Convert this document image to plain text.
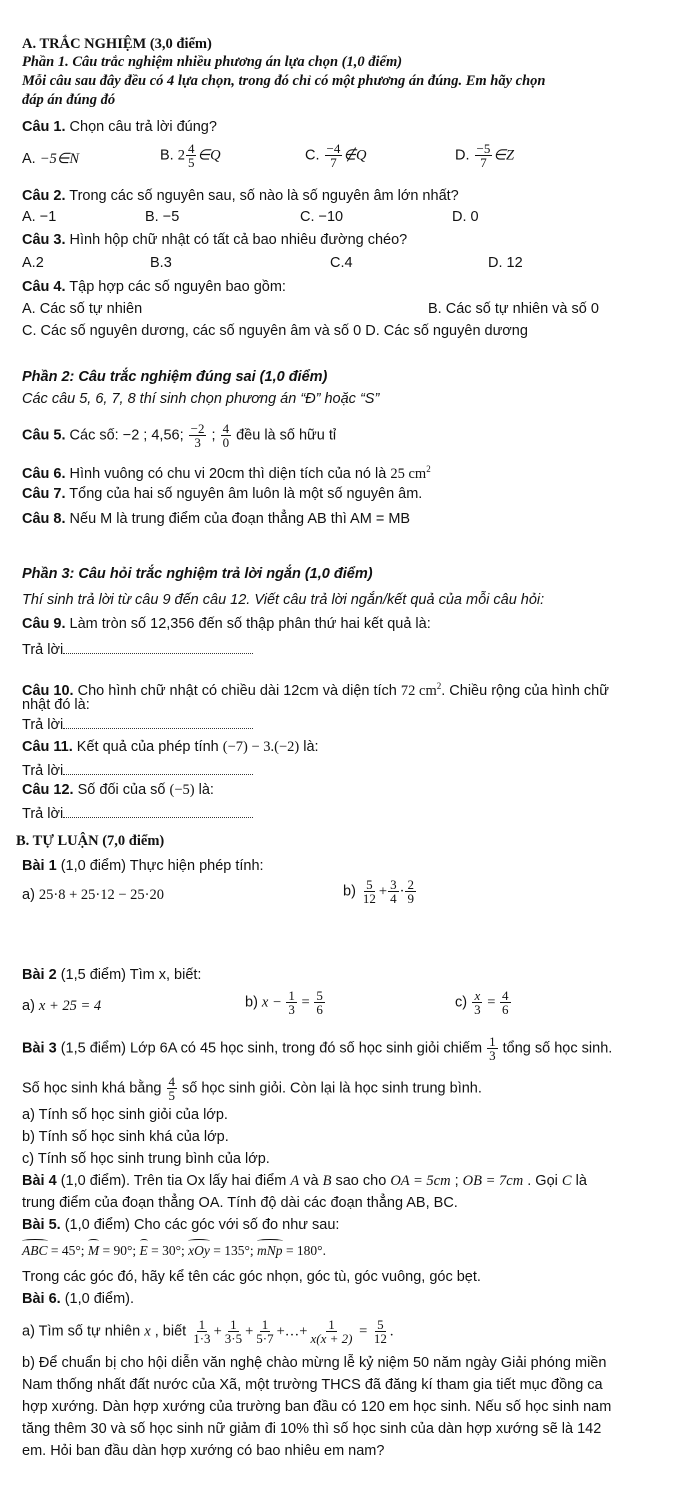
A. TRẮC NGHIỆM (3,0 điểm)
Phần 1. Câu trắc nghiệm nhiều phương án lựa chọn (1,0 điểm)
Mỗi câu sau đây đều có 4 lựa chọn, trong đó chỉ có một phương án đúng. Em hãy chọn
đáp án đúng đó
Câu 1. Chọn câu trả lời đúng?
A. −5∈N	B. $2 \frac{4}{5}$ ∈Q	C. $\frac{-4}{7}$ ∉Q	D. $\frac{-5}{7}$ ∈Z
Câu 2. Trong các số nguyên sau, số nào là số nguyên âm lớn nhất?
A. −1	B. −5	C. −10	D. 0
Câu 3. Hình hộp chữ nhật có tất cả bao nhiêu đường chéo?
A.2	B.3	C.4	D. 12
Câu 4. Tập hợp các số nguyên bao gồm:
A. Các số tự nhiên	B. Các số tự nhiên và số 0
C. Các số nguyên dương, các số nguyên âm và số 0 D. Các số nguyên dương
Phần 2: Câu trắc nghiệm đúng sai (1,0 điểm)
Các câu 5, 6, 7, 8 thí sinh chọn phương án “Đ” hoặc “S”
Câu 5. Các số: −2 ; 4,56; $\frac{-2}{3}$ ; $\frac{4}{0}$ đều là số hữu tỉ
Câu 6. Hình vuông có chu vi 20cm thì diện tích của nó là 25 $cm^2$
Câu 7. Tổng của hai số nguyên âm luôn là một số nguyên âm.
Câu 8. Nếu M là trung điểm của đoạn thẳng AB thì AM = MB
Phần 3: Câu hỏi trắc nghiệm trả lời ngắn (1,0 điểm)
Thí sinh trả lời từ câu 9 đến câu 12. Viết câu trả lời ngắn/kết quả của mỗi câu hỏi:
Câu 9. Làm tròn số 12,356 đến số thập phân thứ hai kết quả là:
Trả lời
Câu 10. Cho hình chữ nhật có chiều dài 12cm và diện tích 72 $cm^2$. Chiều rộng của hình chữ
nhật đó là:
Trả lời
Câu 11. Kết quả của phép tính (−7) − 3.(−2) là:
Trả lời
Câu 12. Số đối của số (−5) là:
Trả lời
B. TỰ LUẬN (7,0 điểm)
Bài 1 (1,0 điểm) Thực hiện phép tính:
a) 25·8 + 25·12 − 25·20	$b) \frac{5}{12} + \frac{3}{4} \cdot \frac{2}{9}$
Bài 2 (1,5 điểm) Tìm x, biết:
a) x + 25 = 4	b) $x - \frac{1}{3} = \frac{5}{6}$	$c) \frac{x}{3} = \frac{4}{6}$
Bài 3 (1,5 điểm) Lớp 6A có 45 học sinh, trong đó số học sinh giỏi chiếm $\frac{1}{3}$ tổng số học sinh.
Số học sinh khá bằng $\frac{4}{5}$ số học sinh giỏi. Còn lại là học sinh trung bình.
a) Tính số học sinh giỏi của lớp.
b) Tính số học sinh khá của lớp.
c) Tính số học sinh trung bình của lớp.
Bài 4 (1,0 điểm). Trên tia Ox lấy hai điểm A và B sao cho OA = 5cm ; OB = 7cm . Gọi C là
trung điểm của đoạn thẳng OA. Tính độ dài các đoạn thẳng AB, BC.
Bài 5. (1,0 điểm) Cho các góc với số đo như sau:
ABC = 45°; M = 90°; E = 30°; xOy = 135°; mNp = 180°.
Trong các góc đó, hãy kể tên các góc nhọn, góc tù, góc vuông, góc bẹt.
Bài 6. (1,0 điểm).
a) Tìm số tự nhiên x , biết $\frac{1}{1\cdot 3} + \frac{1}{3\cdot 5} + \frac{1}{5\cdot 7}$ +…+ $\frac{1}{x(x + 2)} = \frac{5}{12}$ .
b) Để chuẩn bị cho hội diễn văn nghệ chào mừng lễ kỷ niệm 50 năm ngày Giải phóng miền
Nam thống nhất đất nước của Xã, một trường THCS đã đăng kí tham gia tiết mục đồng ca
hợp xướng. Dàn hợp xướng của trường ban đầu có 120 em học sinh. Nếu số học sinh nam
tăng thêm 30 và số học sinh nữ giảm đi 10% thì số học sinh của dàn hợp xướng sẽ là 142
em. Hỏi ban đầu dàn hợp xướng có bao nhiêu em nam?
